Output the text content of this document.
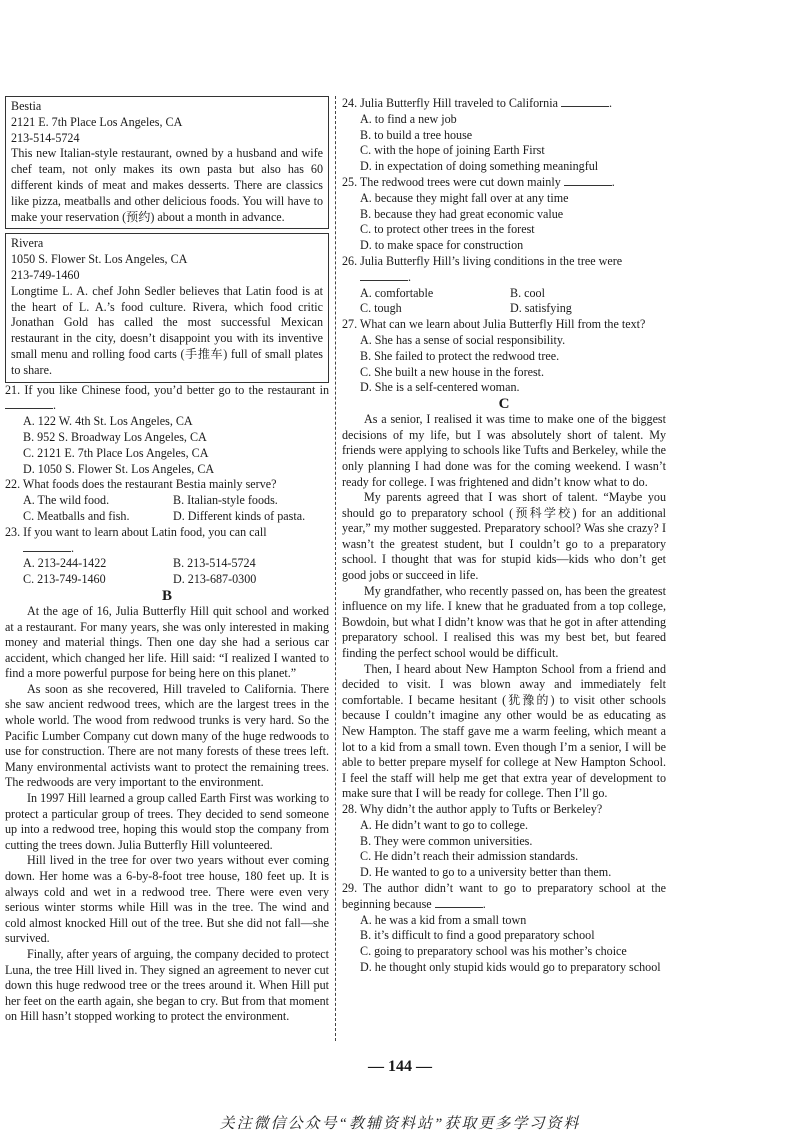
Bestia
2121 E. 7th Place Los Angeles, CA
213-514-5724
This new Italian-style restaurant, owned by a husband and wife chef team, not only makes its own pasta but also has 60 different kinds of meat and makes desserts. There are classics like pizza, meatballs and other delicious foods. You will have to make your reservation (预约) about a month in advance.
Rivera
1050 S. Flower St. Los Angeles, CA
213-749-1460
Longtime L. A. chef John Sedler believes that Latin food is at the heart of L. A.’s food culture. Rivera, which food critic Jonathan Gold has called the most successful Mexican restaurant in the city, doesn’t disappoint you with its inventive small menu and rolling food carts (手推车) full of small plates to share.
21. If you like Chinese food, you’d better go to the restaurant in .
A. 122 W. 4th St. Los Angeles, CA
B. 952 S. Broadway Los Angeles, CA
C. 2121 E. 7th Place Los Angeles, CA
D. 1050 S. Flower St. Los Angeles, CA
22. What foods does the restaurant Bestia mainly serve?
A. The wild food.	B. Italian-style foods.
C. Meatballs and fish.	D. Different kinds of pasta.
23. If you want to learn about Latin food, you can call
.
A. 213-244-1422	B. 213-514-5724
C. 213-749-1460	D. 213-687-0300
B

At the age of 16, Julia Butterfly Hill quit school and worked at a restaurant. For many years, she was only interested in making money and material things. Then one day she had a serious car accident, which changed her life. Hill said: “I realized I wanted to find a more powerful purpose for being here on this planet.”

As soon as she recovered, Hill traveled to California. There she saw ancient redwood trees, which are the largest trees in the whole world. The wood from redwood trunks is very hard. So the Pacific Lumber Company cut down many of the huge redwoods to use for construction. There are not many forests of these trees left. Many environmental activists want to protect the remaining trees. The redwoods are very important to the environment.

In 1997 Hill learned a group called Earth First was working to protect a particular group of trees. They decided to send someone up into a redwood tree, hoping this would stop the company from cutting the trees down. Julia Butterfly Hill volunteered.

Hill lived in the tree for over two years without ever coming down. Her home was a 6-by-8-foot tree house, 180 feet up. It is always cold and wet in a redwood tree. There were even very serious winter storms while Hill was in the tree. The wind and cold almost knocked Hill out of the tree. But she did not fall—she survived.

Finally, after years of arguing, the company decided to protect Luna, the tree Hill lived in. They signed an agreement to never cut down this huge redwood tree or the trees around it. When Hill put her feet on the earth again, she began to cry. But from that moment on Hill hasn’t stopped working to protect the environment.

24. Julia Butterfly Hill traveled to California	.
A. to find a new job
B. to build a tree house
C. with the hope of joining Earth First
D. in expectation of doing something meaningful
25. The redwood trees were cut down mainly	.
A. because they might fall over at any time
B. because they had great economic value
C. to protect other trees in the forest
D. to make space for construction
26. Julia Butterfly Hill’s living conditions in the tree were
.
A. comfortable	B. cool
C. tough	D. satisfying
27. What can we learn about Julia Butterfly Hill from the text?
A. She has a sense of social responsibility.
B. She failed to protect the redwood tree.
C. She built a new house in the forest.
D. She is a self-centered woman.
C

As a senior, I realised it was time to make one of the biggest decisions of my life, but I was absolutely short of talent. My friends were applying to schools like Tufts and Berkeley, while the only planning I had done was for the coming weekend. I wasn’t ready for college. I was frightened and didn’t know what to do.

My parents agreed that I was short of talent. “Maybe you should go to preparatory school (预科学校) for an additional year,” my mother suggested. Preparatory school? Was she crazy? I wasn’t the greatest student, but I couldn’t go to a preparatory school. I thought that was for stupid kids—kids who don’t get good jobs or succeed in life.

My grandfather, who recently passed on, has been the greatest influence on my life. I knew that he graduated from a top college, Bowdoin, but what I didn’t know was that he got in after attending preparatory school. I realised this was my best bet, but feared finding the perfect school would be difficult.

Then, I heard about New Hampton School from a friend and decided to visit. I was blown away and immediately felt comfortable. I became hesitant (犹豫的) to visit other schools because I couldn’t imagine any other would be as educating as New Hampton. The staff gave me a warm feeling, which meant a lot to a kid from a small town. Even though I’m a senior, I will be able to better prepare myself for college at New Hampton School. I feel the staff will help me get that extra year of development to make sure that I will be ready for college. Then I’ll go.

28. Why didn’t the author apply to Tufts or Berkeley?
A. He didn’t want to go to college.
B. They were common universities.
C. He didn’t reach their admission standards.
D. He wanted to go to a university better than them.
29. The author didn’t want to go to preparatory school at the beginning because	.
A. he was a kid from a small town
B. it’s difficult to find a good preparatory school
C. going to preparatory school was his mother’s choice
D. he thought only stupid kids would go to preparatory school
— 144 —
关注微信公众号“教辅资料站”获取更多学习资料
